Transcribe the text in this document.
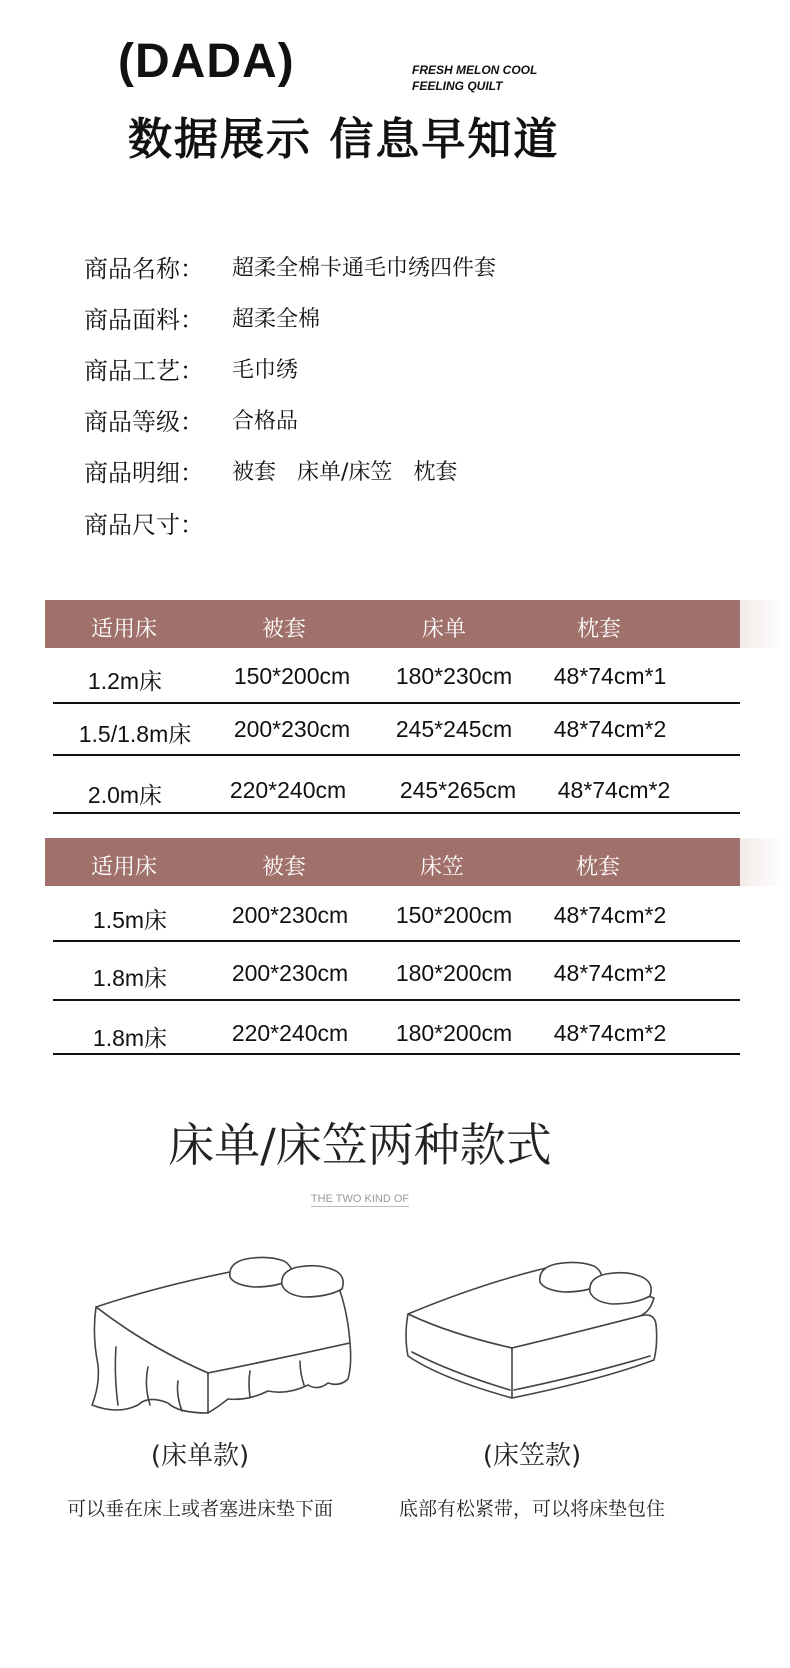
(DADA)	FRESH MELON COOL
FEELING QUILT
数据展示 信息早知道
商品名称：	超柔全棉卡通毛巾绣四件套
商品面料：	超柔全棉
商品工艺：	毛巾绣
商品等级：	合格品
商品明细：	被套   床单/床笠   枕套
商品尺寸：
适用床	被套	床单	枕套
1.2m床	150*200cm	180*230cm	48*74cm*1
1.5/1.8m床	200*230cm	245*245cm	48*74cm*2
2.0m床	220*240cm	245*265cm	48*74cm*2
适用床	被套	床笠	枕套
1.5m床	200*230cm	150*200cm	48*74cm*2
1.8m床	200*230cm	180*200cm	48*74cm*2
1.8m床	220*240cm	180*200cm	48*74cm*2
床单/床笠两种款式
THE TWO KIND OF
(床单款)	(床笠款)
可以垂在床上或者塞进床垫下面	底部有松紧带，可以将床垫包住
